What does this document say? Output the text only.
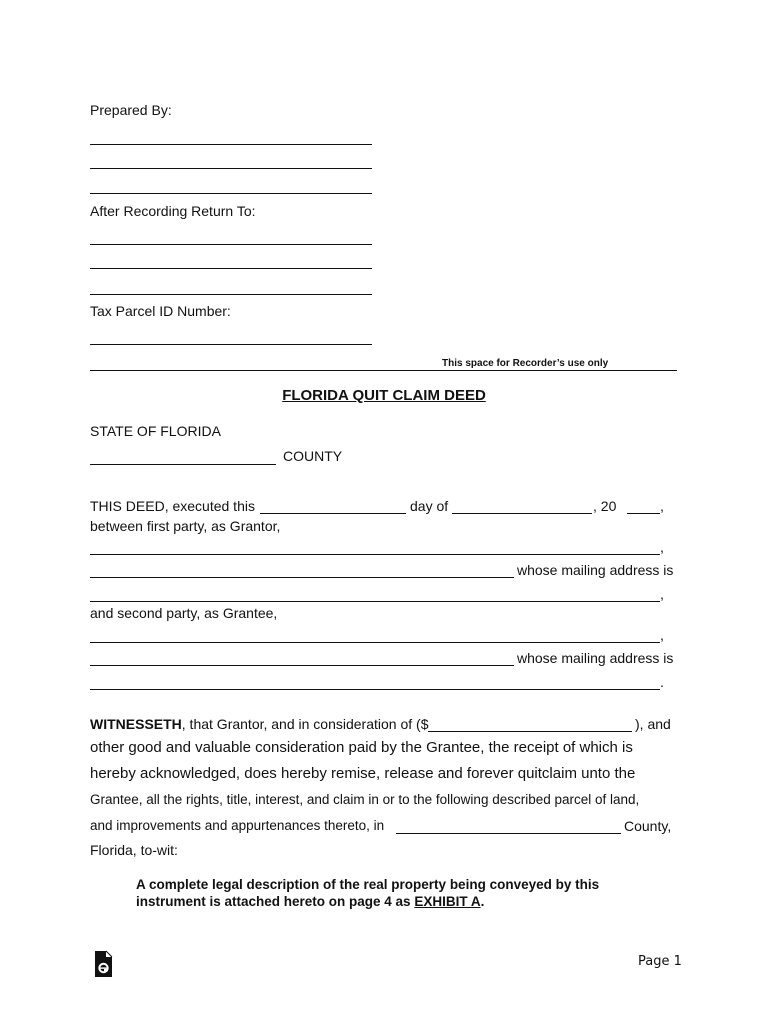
Prepared By:
After Recording Return To:
Tax Parcel ID Number:
This space for Recorder’s use only
FLORIDA QUIT CLAIM DEED
STATE OF FLORIDA
COUNTY
THIS DEED, executed this	day of	, 20	,
between first party, as Grantor,
,
whose mailing address is
,
and second party, as Grantee,
,
whose mailing address is
.
WITNESSETH, that Grantor, and in consideration of ($	), and
other good and valuable consideration paid by the Grantee, the receipt of which is
hereby acknowledged, does hereby remise, release and forever quitclaim unto the
Grantee, all the rights, title, interest, and claim in or to the following described parcel of land,
and improvements and appurtenances thereto, in	County,
Florida, to-wit:
A complete legal description of the real property being conveyed by this
instrument is attached hereto on page 4 as EXHIBIT A.
Page 1
